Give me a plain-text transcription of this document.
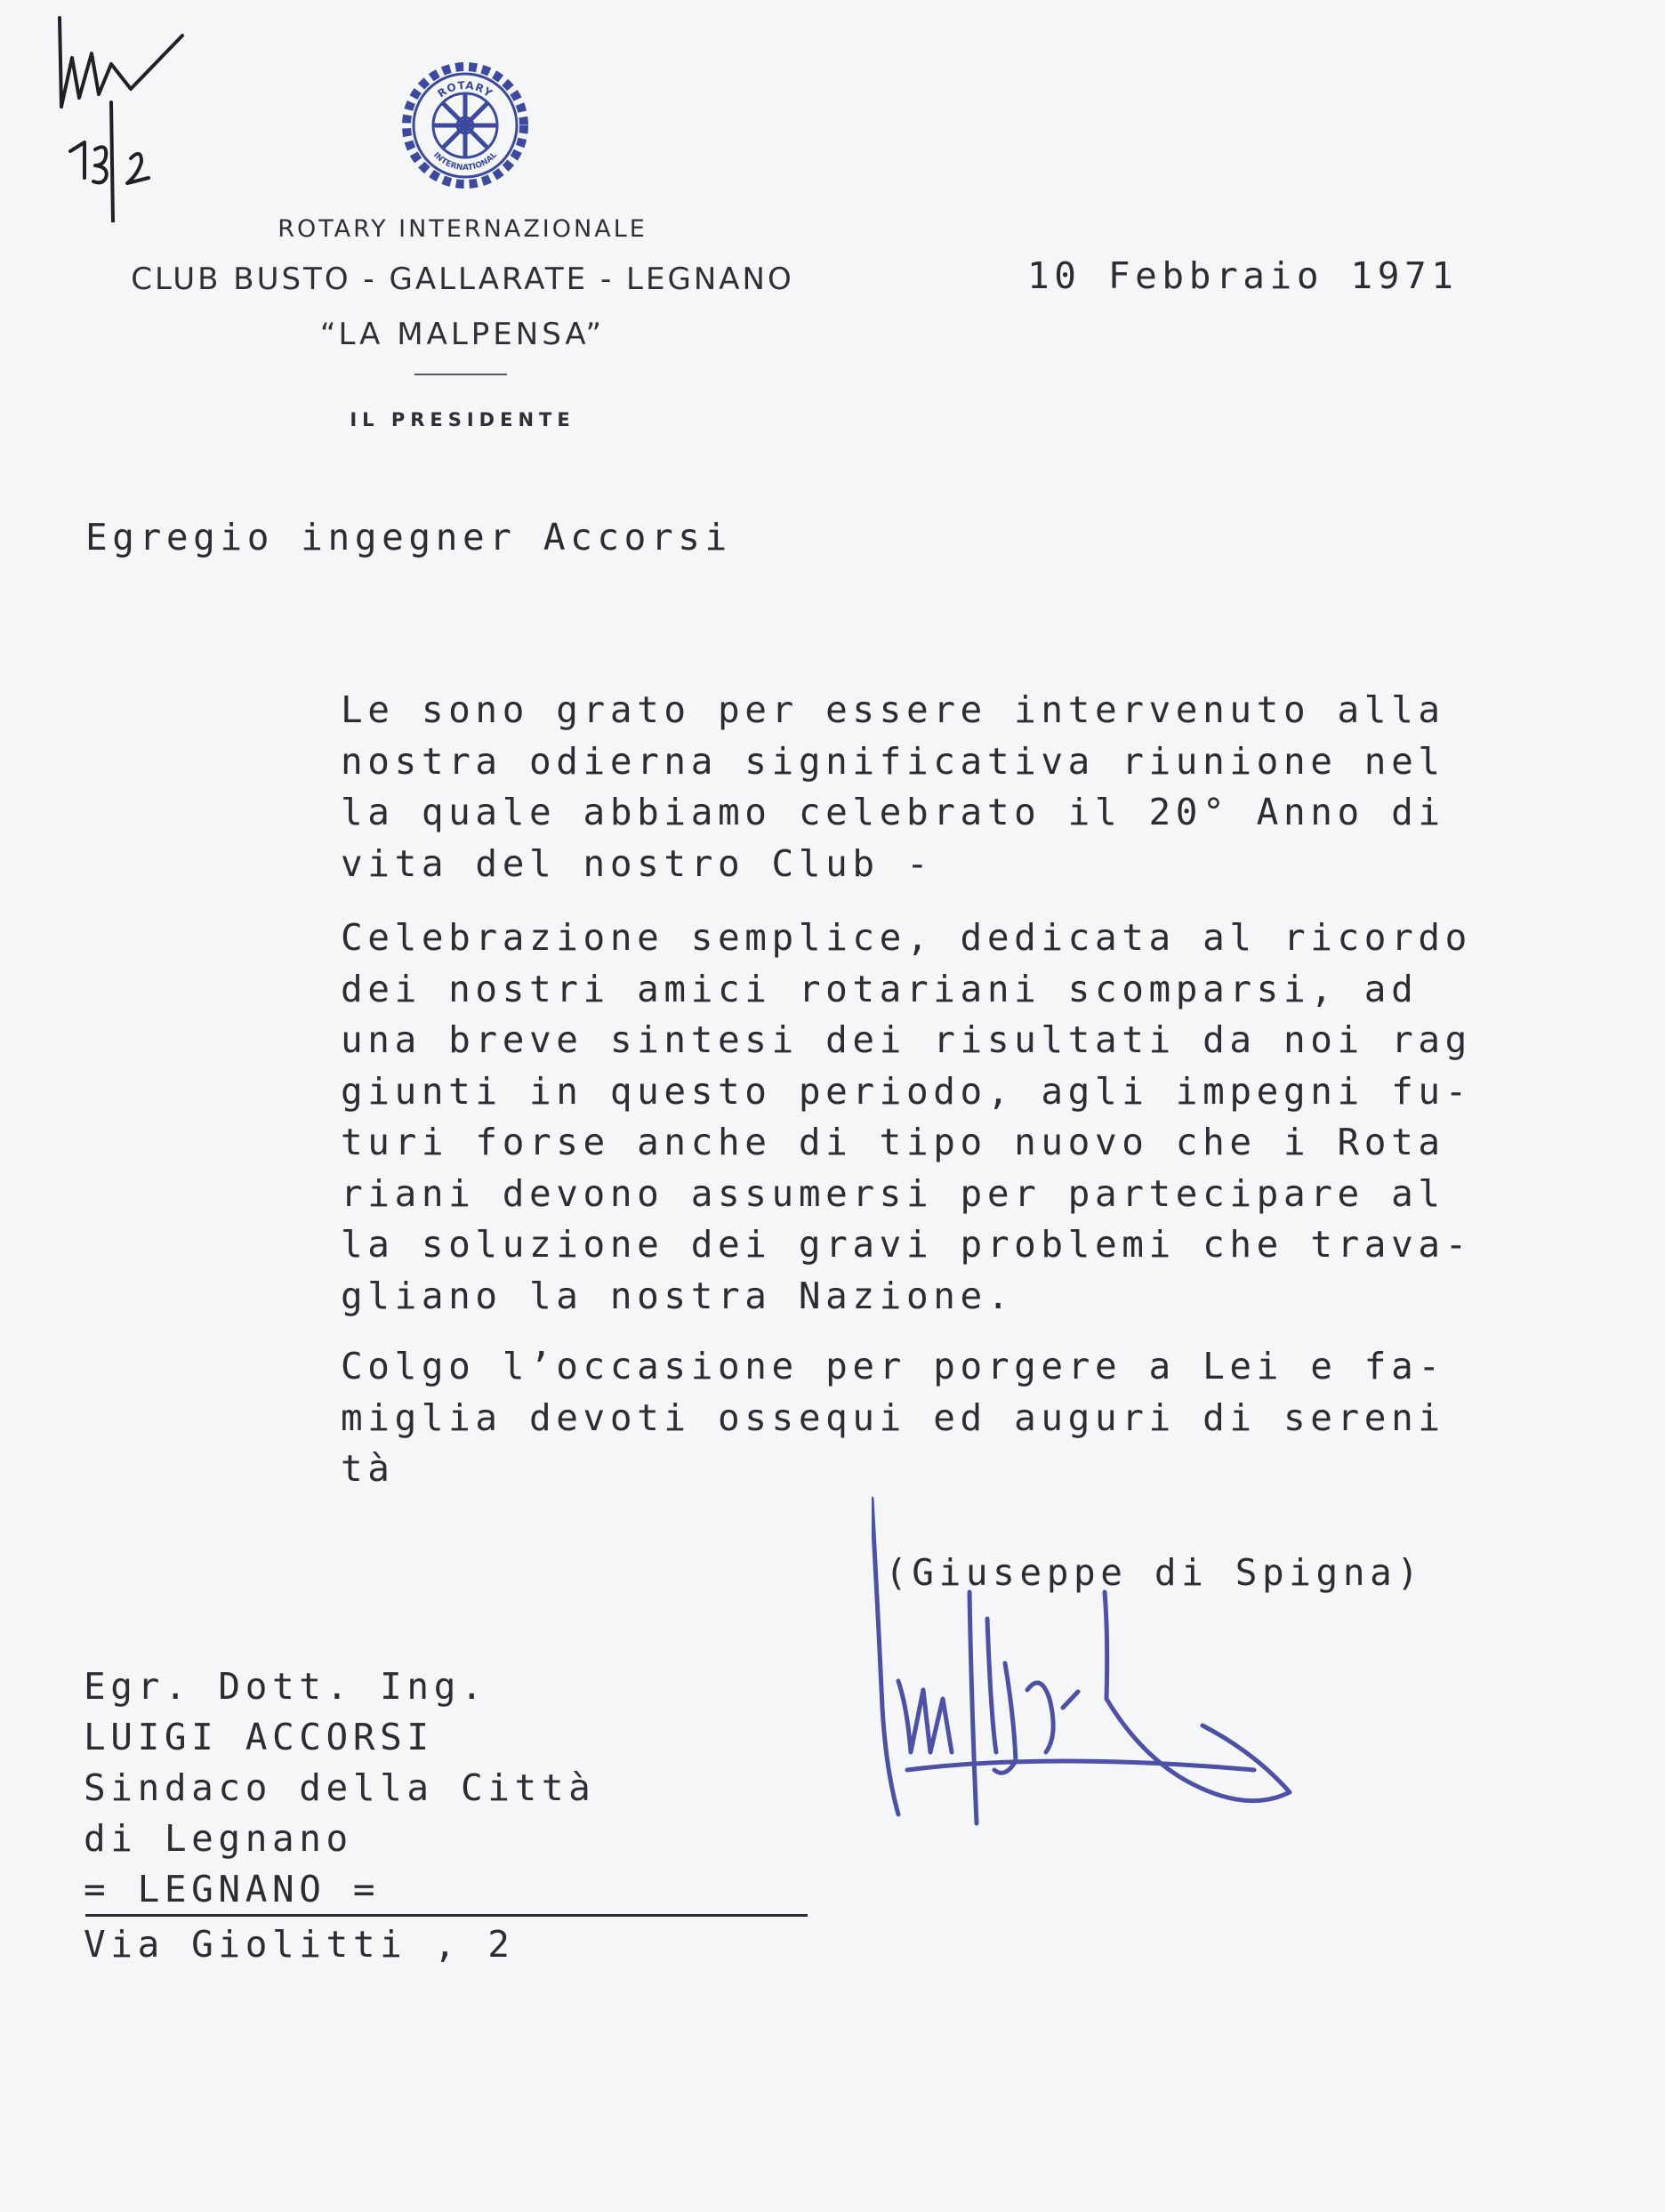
ROTARY
INTERNATIONAL
ROTARY INTERNAZIONALE
CLUB BUSTO - GALLARATE - LEGNANO
“LA MALPENSA”
IL PRESIDENTE
10 Febbraio 1971
Egregio ingegner Accorsi
Le sono grato per essere intervenuto alla
nostra odierna significativa riunione nel
la quale abbiamo celebrato il 20° Anno di
vita del nostro Club -
Celebrazione semplice, dedicata al ricordo
dei nostri amici rotariani scomparsi, ad
una breve sintesi dei risultati da noi rag
giunti in questo periodo, agli impegni fu-
turi forse anche di tipo nuovo che i Rota
riani devono assumersi per partecipare al
la soluzione dei gravi problemi che trava-
gliano la nostra Nazione.
Colgo l’occasione per porgere a Lei e fa-
miglia devoti ossequi ed auguri di sereni
tà
(Giuseppe di Spigna)
Egr. Dott. Ing.
LUIGI ACCORSI
Sindaco della Città
di Legnano
= LEGNANO =
Via Giolitti , 2
